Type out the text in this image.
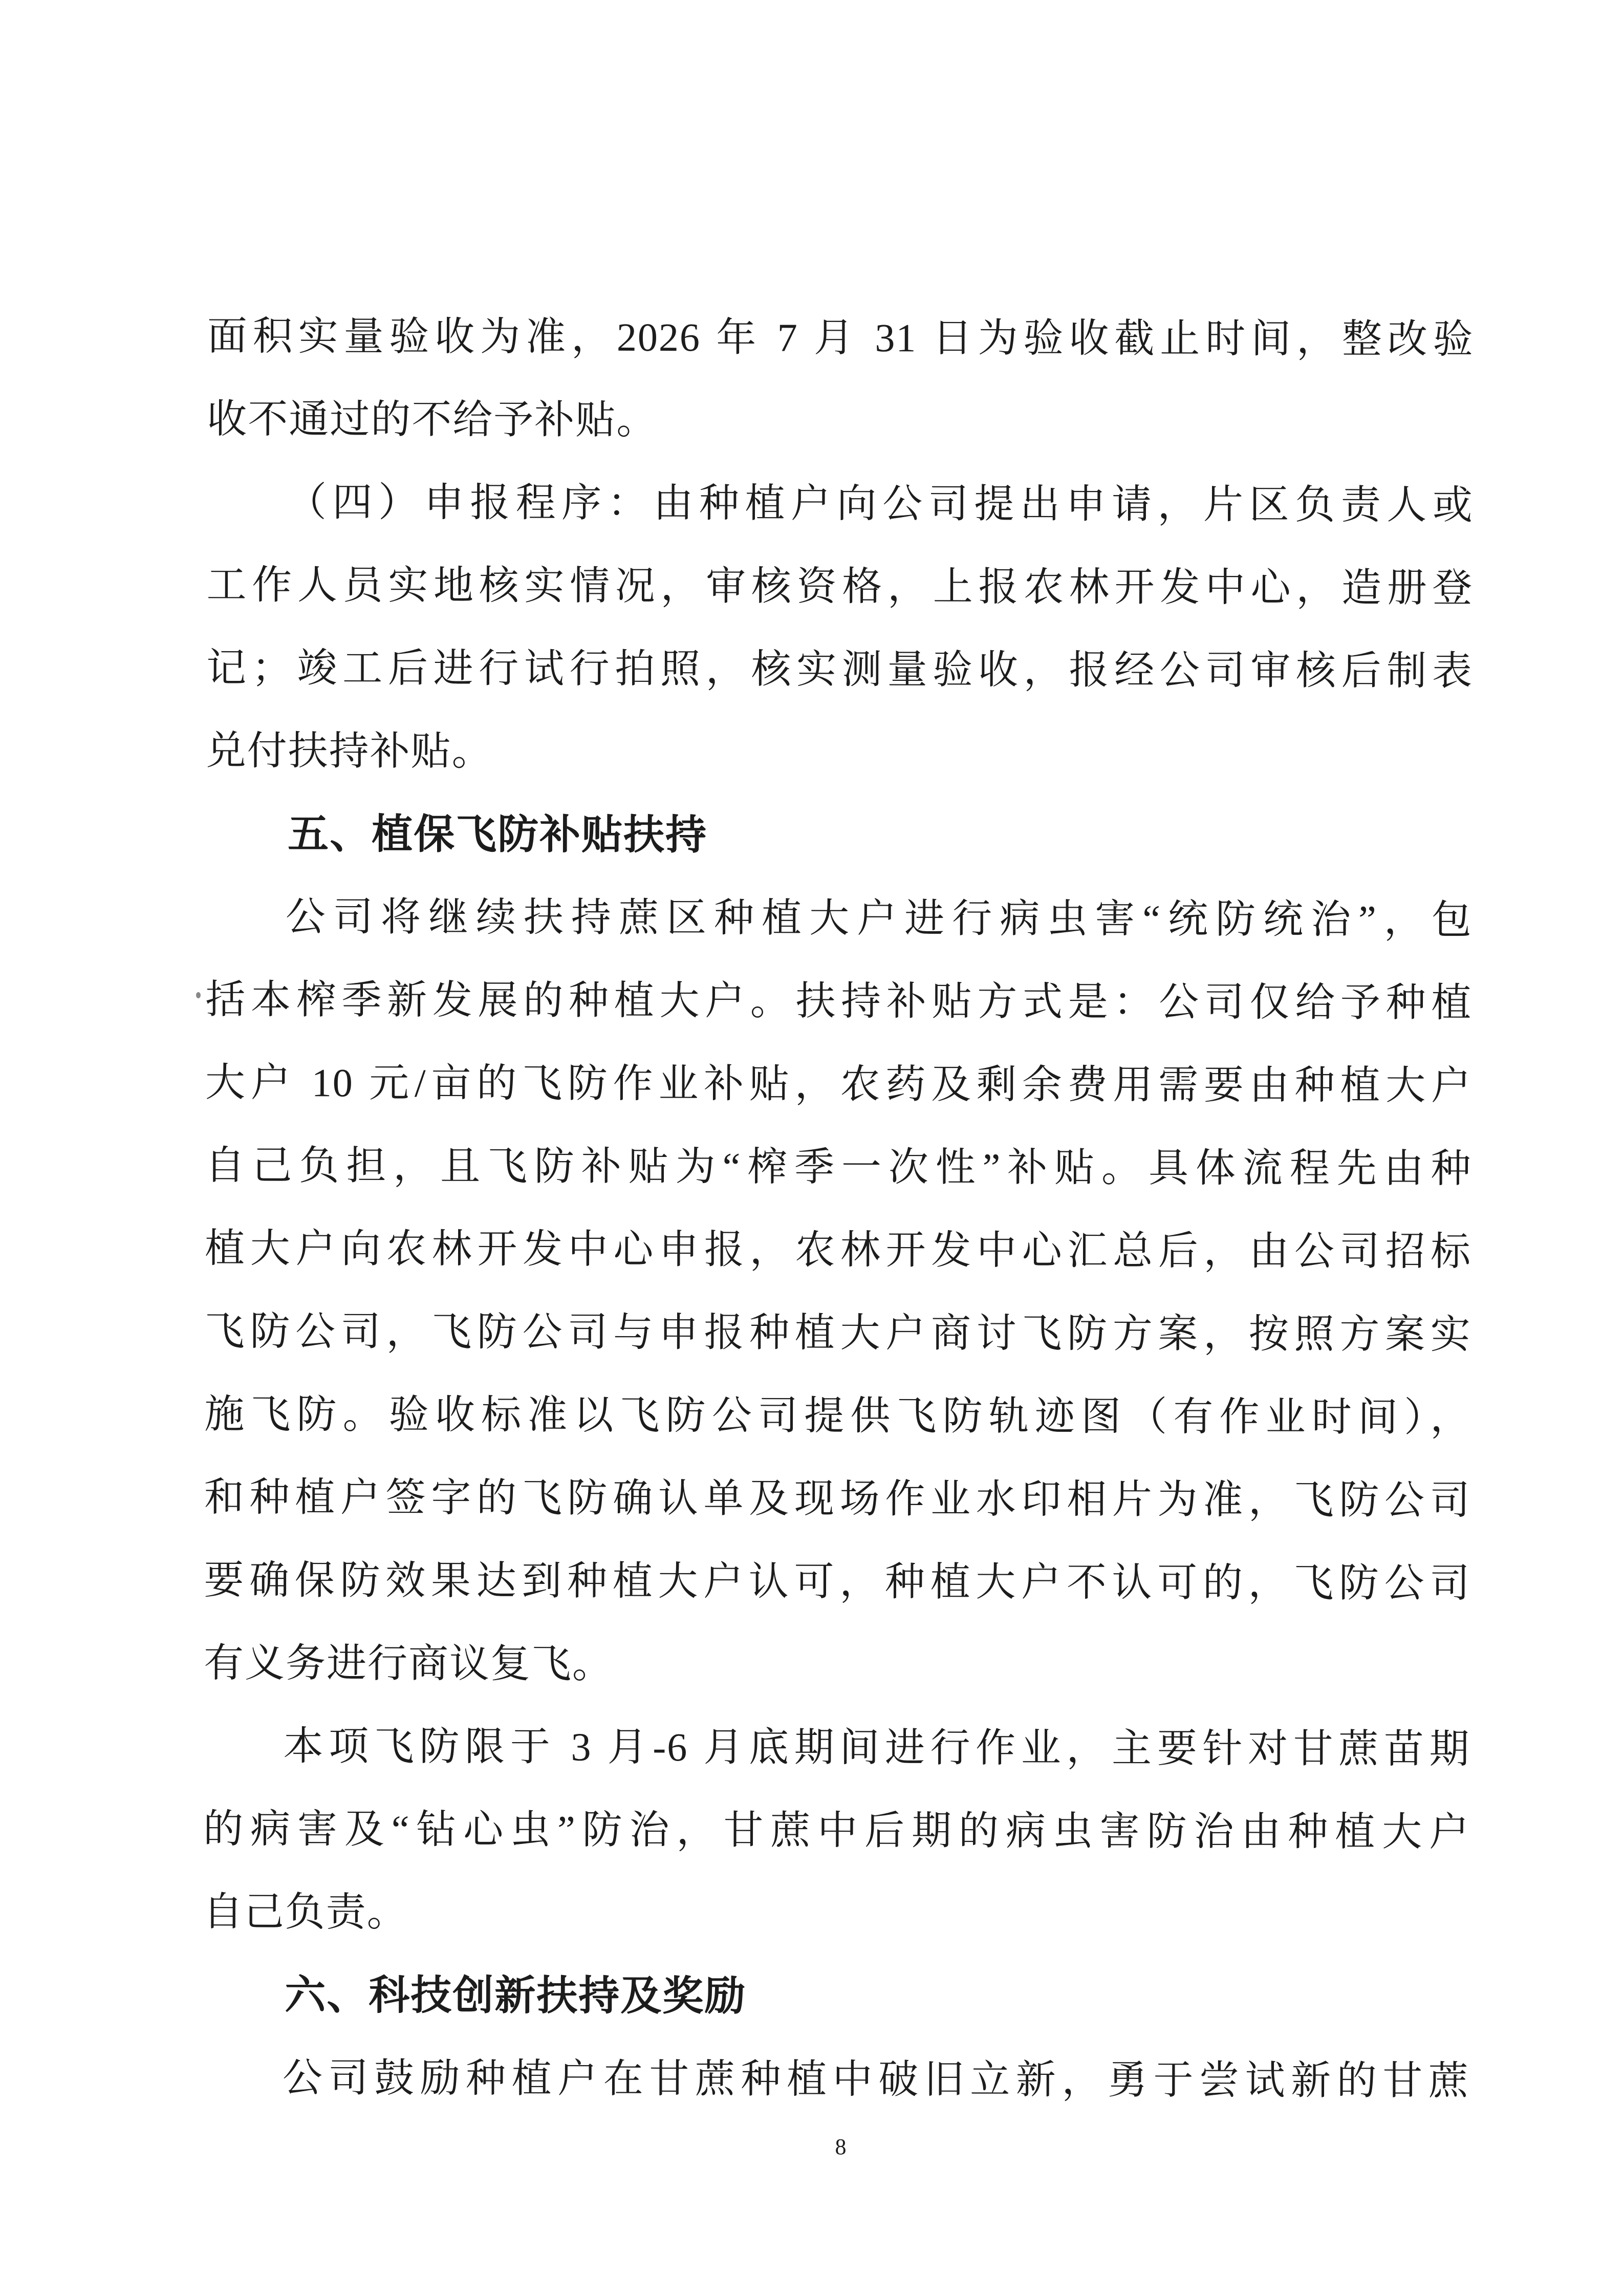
面积实量验收为准，2026 年 7 月 31 日为验收截止时间，整改验

收不通过的不给予补贴。

（四）申报程序：由种植户向公司提出申请，片区负责人或

工作人员实地核实情况，审核资格，上报农林开发中心，造册登

记；竣工后进行试行拍照，核实测量验收，报经公司审核后制表

兑付扶持补贴。

五、植保飞防补贴扶持

公司将继续扶持蔗区种植大户进行病虫害“统防统治”，包

括本榨季新发展的种植大户。扶持补贴方式是：公司仅给予种植

大户 10 元/亩的飞防作业补贴，农药及剩余费用需要由种植大户

自己负担，且飞防补贴为“榨季一次性”补贴。具体流程先由种

植大户向农林开发中心申报，农林开发中心汇总后，由公司招标

飞防公司，飞防公司与申报种植大户商讨飞防方案，按照方案实

施飞防。验收标准以飞防公司提供飞防轨迹图（有作业时间），

和种植户签字的飞防确认单及现场作业水印相片为准，飞防公司

要确保防效果达到种植大户认可，种植大户不认可的，飞防公司

有义务进行商议复飞。

本项飞防限于 3 月-6 月底期间进行作业，主要针对甘蔗苗期

的病害及“钻心虫”防治，甘蔗中后期的病虫害防治由种植大户

自己负责。

六、科技创新扶持及奖励

公司鼓励种植户在甘蔗种植中破旧立新，勇于尝试新的甘蔗

8
